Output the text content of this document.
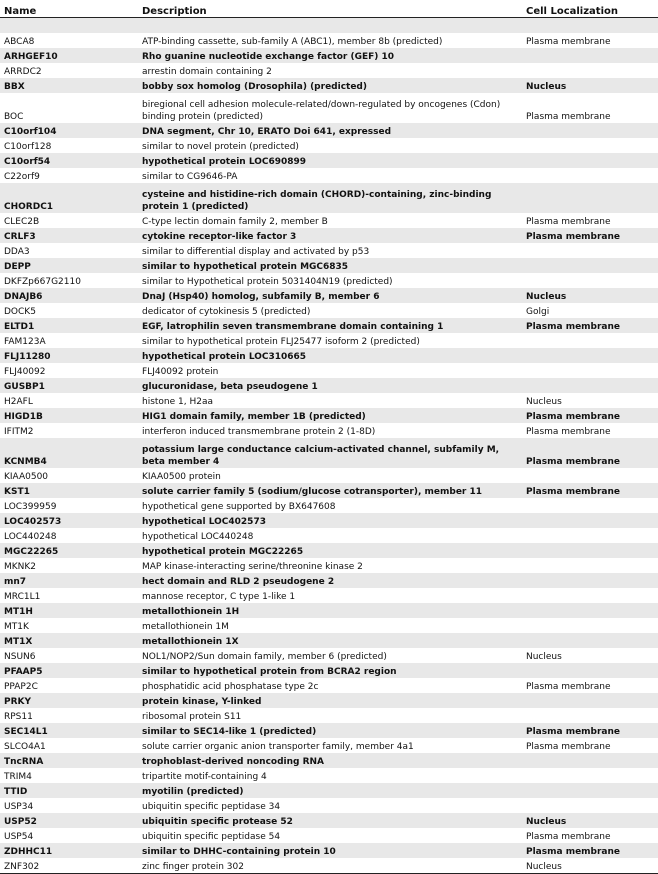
Name	Description	Cell Localization

ABCA8	ATP-binding cassette, sub-family A (ABC1), member 8b (predicted)	Plasma membrane
ARHGEF10	Rho guanine nucleotide exchange factor (GEF) 10	
ARRDC2	arrestin domain containing 2	
BBX	bobby sox homolog (Drosophila) (predicted)	Nucleus
BOC	biregional cell adhesion molecule-related/down-regulated by oncogenes (Cdon) binding protein (predicted)	Plasma membrane
C10orf104	DNA segment, Chr 10, ERATO Doi 641, expressed	
C10orf128	similar to novel protein (predicted)	
C10orf54	hypothetical protein LOC690899	
C22orf9	similar to CG9646-PA	
CHORDC1	cysteine and histidine-rich domain (CHORD)-containing, zinc-binding protein 1 (predicted)	
CLEC2B	C-type lectin domain family 2, member B	Plasma membrane
CRLF3	cytokine receptor-like factor 3	Plasma membrane
DDA3	similar to differential display and activated by p53	
DEPP	similar to hypothetical protein MGC6835	
DKFZp667G2110	similar to Hypothetical protein 5031404N19 (predicted)	
DNAJB6	DnaJ (Hsp40) homolog, subfamily B, member 6	Nucleus
DOCK5	dedicator of cytokinesis 5 (predicted)	Golgi
ELTD1	EGF, latrophilin seven transmembrane domain containing 1	Plasma membrane
FAM123A	similar to hypothetical protein FLJ25477 isoform 2 (predicted)	
FLJ11280	hypothetical protein LOC310665	
FLJ40092	FLJ40092 protein	
GUSBP1	glucuronidase, beta pseudogene 1	
H2AFL	histone 1, H2aa	Nucleus
HIGD1B	HIG1 domain family, member 1B (predicted)	Plasma membrane
IFITM2	interferon induced transmembrane protein 2 (1-8D)	Plasma membrane
KCNMB4	potassium large conductance calcium-activated channel, subfamily M, beta member 4	Plasma membrane
KIAA0500	KIAA0500 protein	
KST1	solute carrier family 5 (sodium/glucose cotransporter), member 11	Plasma membrane
LOC399959	hypothetical gene supported by BX647608	
LOC402573	hypothetical LOC402573	
LOC440248	hypothetical LOC440248	
MGC22265	hypothetical protein MGC22265	
MKNK2	MAP kinase-interacting serine/threonine kinase 2	
mn7	hect domain and RLD 2 pseudogene 2	
MRC1L1	mannose receptor, C type 1-like 1	
MT1H	metallothionein 1H	
MT1K	metallothionein 1M	
MT1X	metallothionein 1X	
NSUN6	NOL1/NOP2/Sun domain family, member 6 (predicted)	Nucleus
PFAAP5	similar to hypothetical protein from BCRA2 region	
PPAP2C	phosphatidic acid phosphatase type 2c	Plasma membrane
PRKY	protein kinase, Y-linked	
RPS11	ribosomal protein S11	
SEC14L1	similar to SEC14-like 1 (predicted)	Plasma membrane
SLCO4A1	solute carrier organic anion transporter family, member 4a1	Plasma membrane
TncRNA	trophoblast-derived noncoding RNA	
TRIM4	tripartite motif-containing 4	
TTID	myotilin (predicted)	
USP34	ubiquitin specific peptidase 34	
USP52	ubiquitin specific protease 52	Nucleus
USP54	ubiquitin specific peptidase 54	Plasma membrane
ZDHHC11	similar to DHHC-containing protein 10	Plasma membrane
ZNF302	zinc finger protein 302	Nucleus
